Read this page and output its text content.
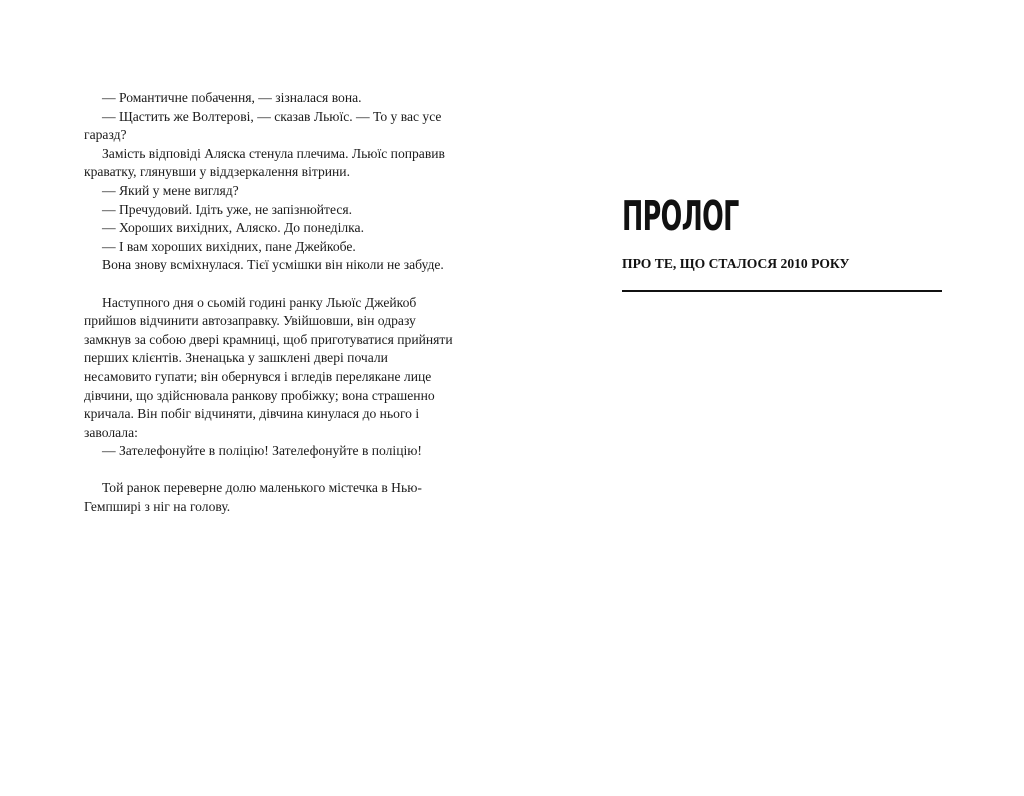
— Романтичне побачення, — зізналася вона.

— Щастить же Волтерові, — сказав Льюїс. — То у вас усе гаразд?

Замість відповіді Аляска стенула плечима. Льюїс поправив краватку, глянувши у віддзеркалення вітрини.

— Який у мене вигляд?

— Пречудовий. Ідіть уже, не запізнюйтеся.

— Хороших вихідних, Аляско. До понеділка.

— І вам хороших вихідних, пане Джейкобе.

Вона знову всміхнулася. Тієї усмішки він ніколи не забуде.

Наступного дня о сьомій годині ранку Льюїс Джейкоб прийшов відчинити автозаправку. Увійшовши, він одразу замкнув за собою двері крамниці, щоб приготуватися прийняти перших клієнтів. Зненацька у зашклені двері почали несамовито гупати; він обернувся і вгледів перелякане лице дівчини, що здійснювала ранкову пробіжку; вона страшенно кричала. Він побіг відчиняти, дівчина кинулася до нього і заволала:

— Зателефонуйте в поліцію! Зателефонуйте в поліцію!

Той ранок переверне долю маленького містечка в Нью-Гемпширі з ніг на голову.

ПРОЛОГ
ПРО ТЕ, ЩО СТАЛОСЯ 2010 РОКУ
